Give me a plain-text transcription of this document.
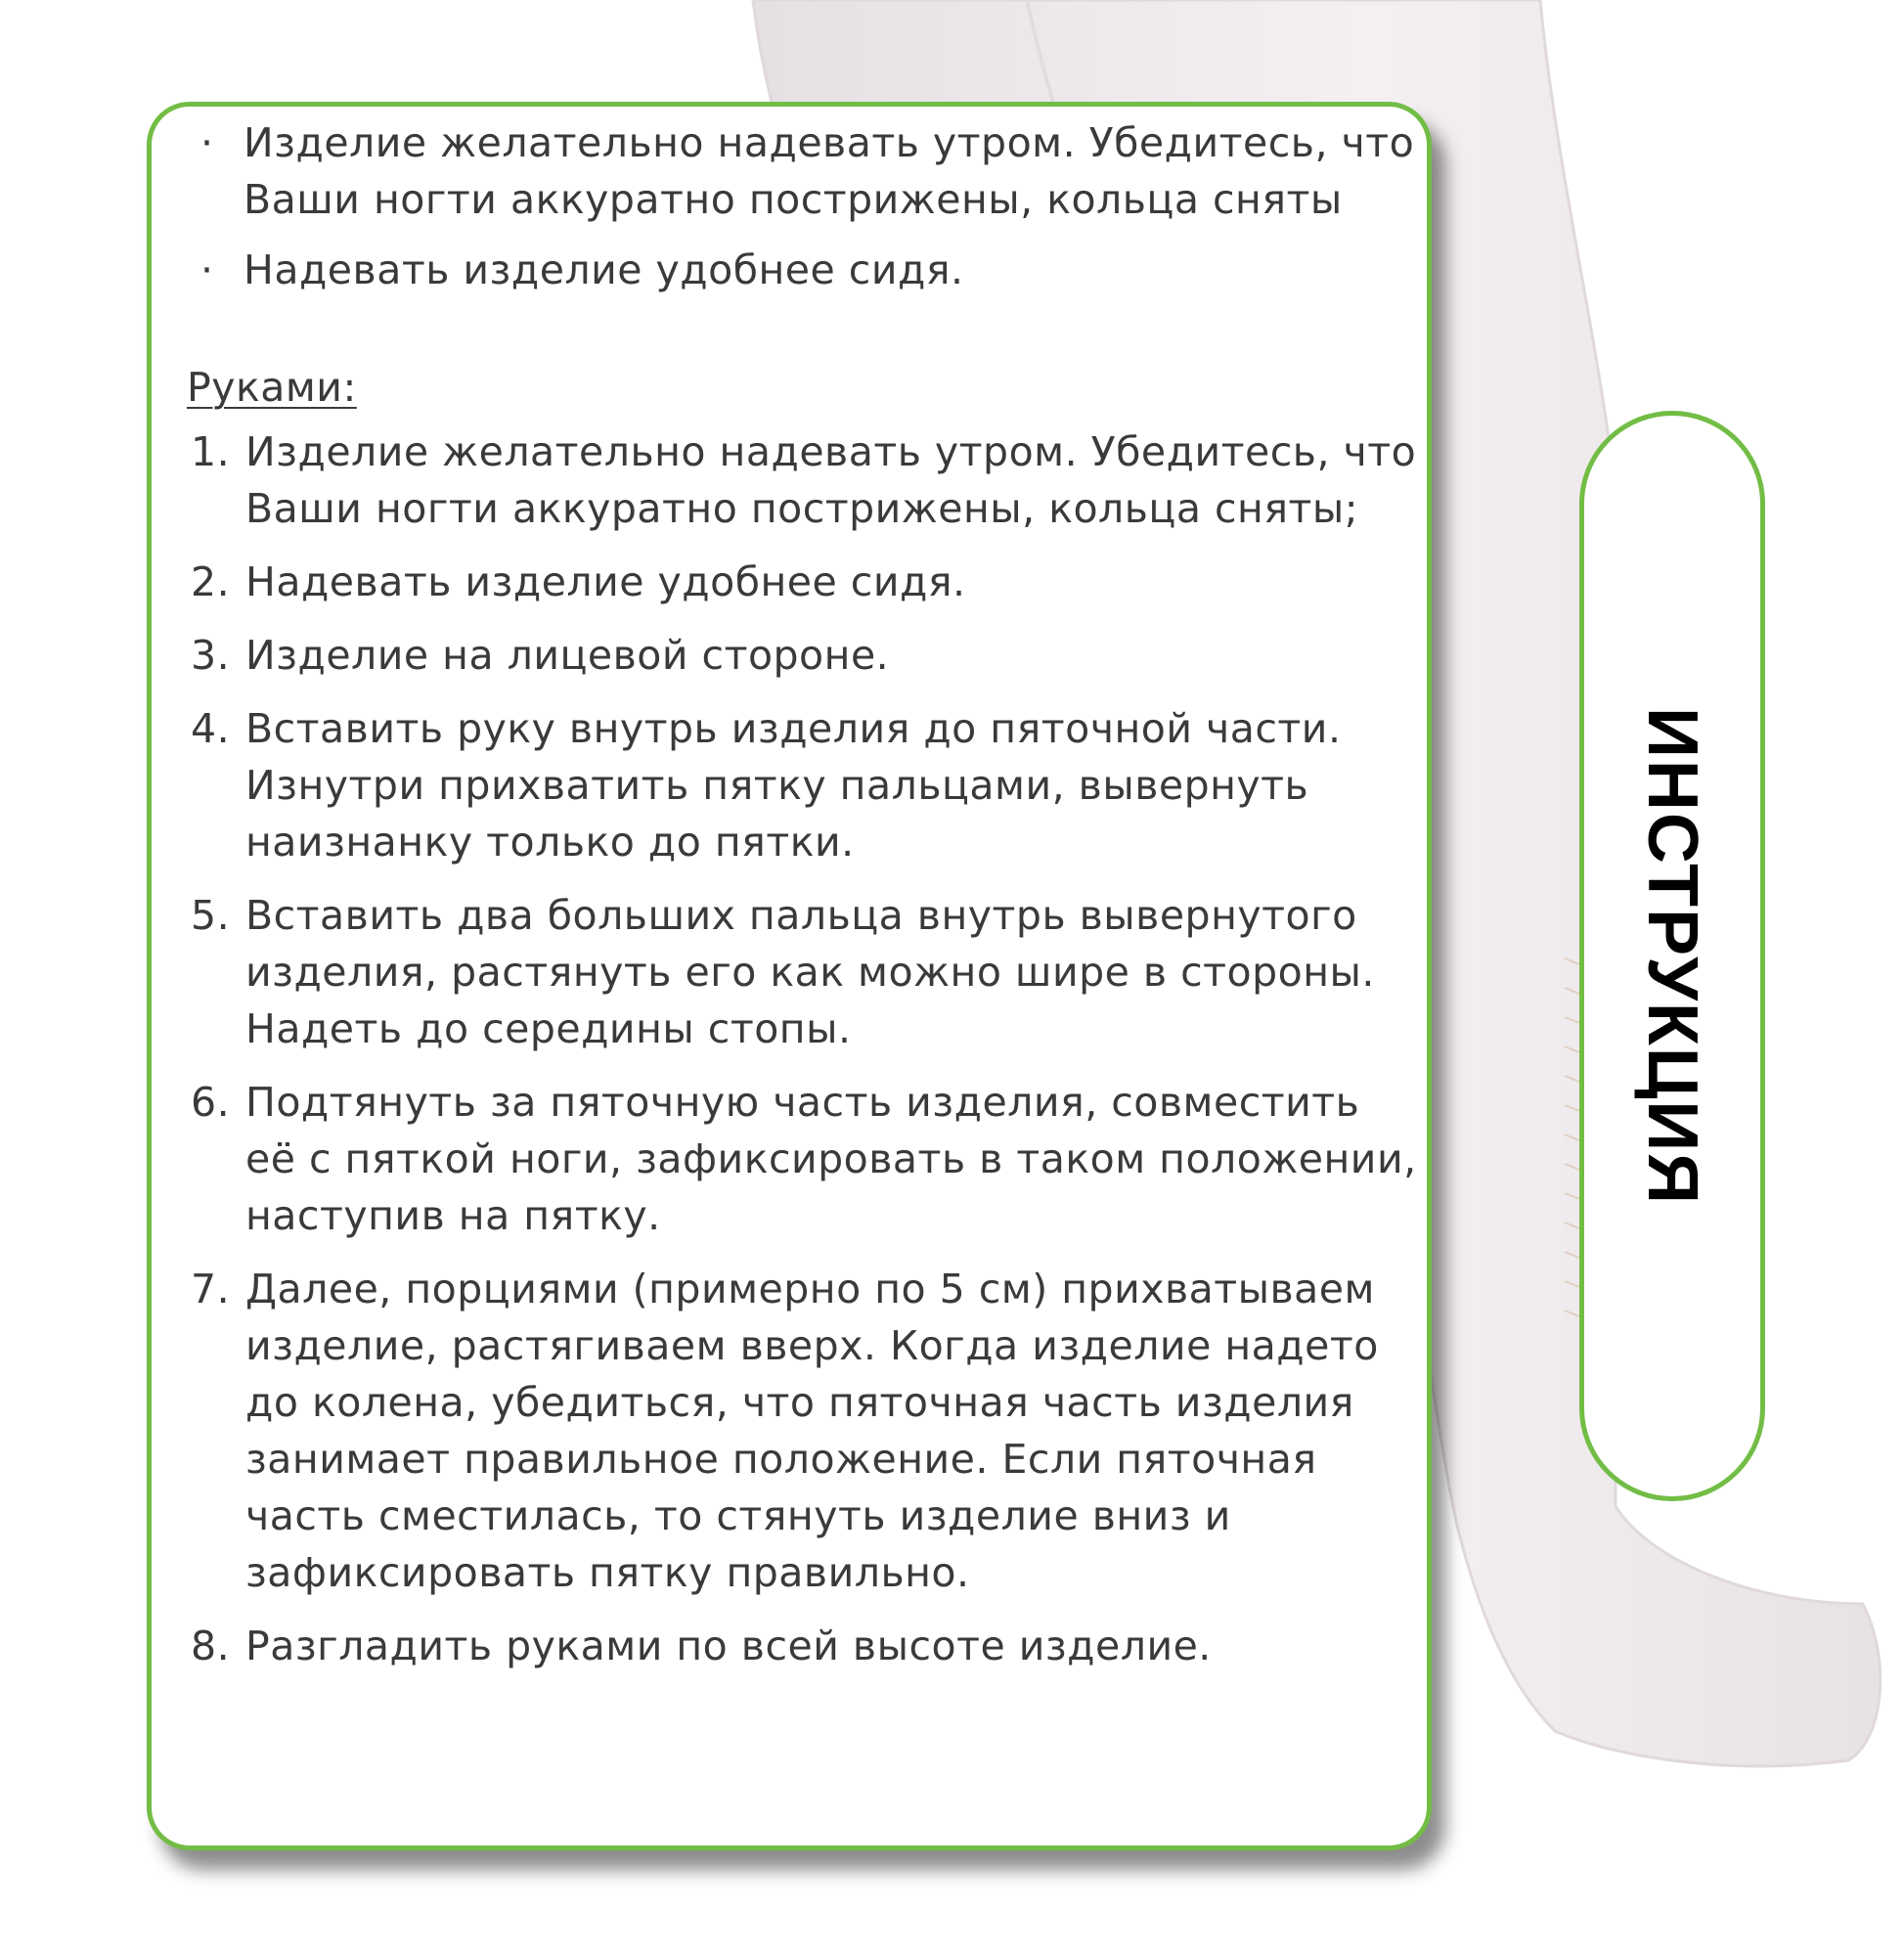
· Изделие желательно надевать утром. Убедитесь, что Ваши ногти аккуратно пострижены, кольца сняты
· Надевать изделие удобнее сидя.
Руками:
1. Изделие желательно надевать утром. Убедитесь, что Ваши ногти аккуратно пострижены, кольца сняты;
2. Надевать изделие удобнее сидя.
3. Изделие на лицевой стороне.
4. Вставить руку внутрь изделия до пяточной части. Изнутри прихватить пятку пальцами, вывернуть наизнанку только до пятки.
5. Вставить два больших пальца внутрь вывернутого изделия, растянуть его как можно шире в стороны. Надеть до середины стопы.
6. Подтянуть за пяточную часть изделия, совместить её с пяткой ноги, зафиксировать в таком положении, наступив на пятку.
7. Далее, порциями (примерно по 5 см) прихватываем изделие, растягиваем вверх. Когда изделие надето до колена, убедиться, что пяточная часть изделия занимает правильное положение. Если пяточная часть сместилась, то стянуть изделие вниз и зафиксировать пятку правильно.
8. Разгладить руками по всей высоте изделие.
ИНСТРУКЦИЯ
